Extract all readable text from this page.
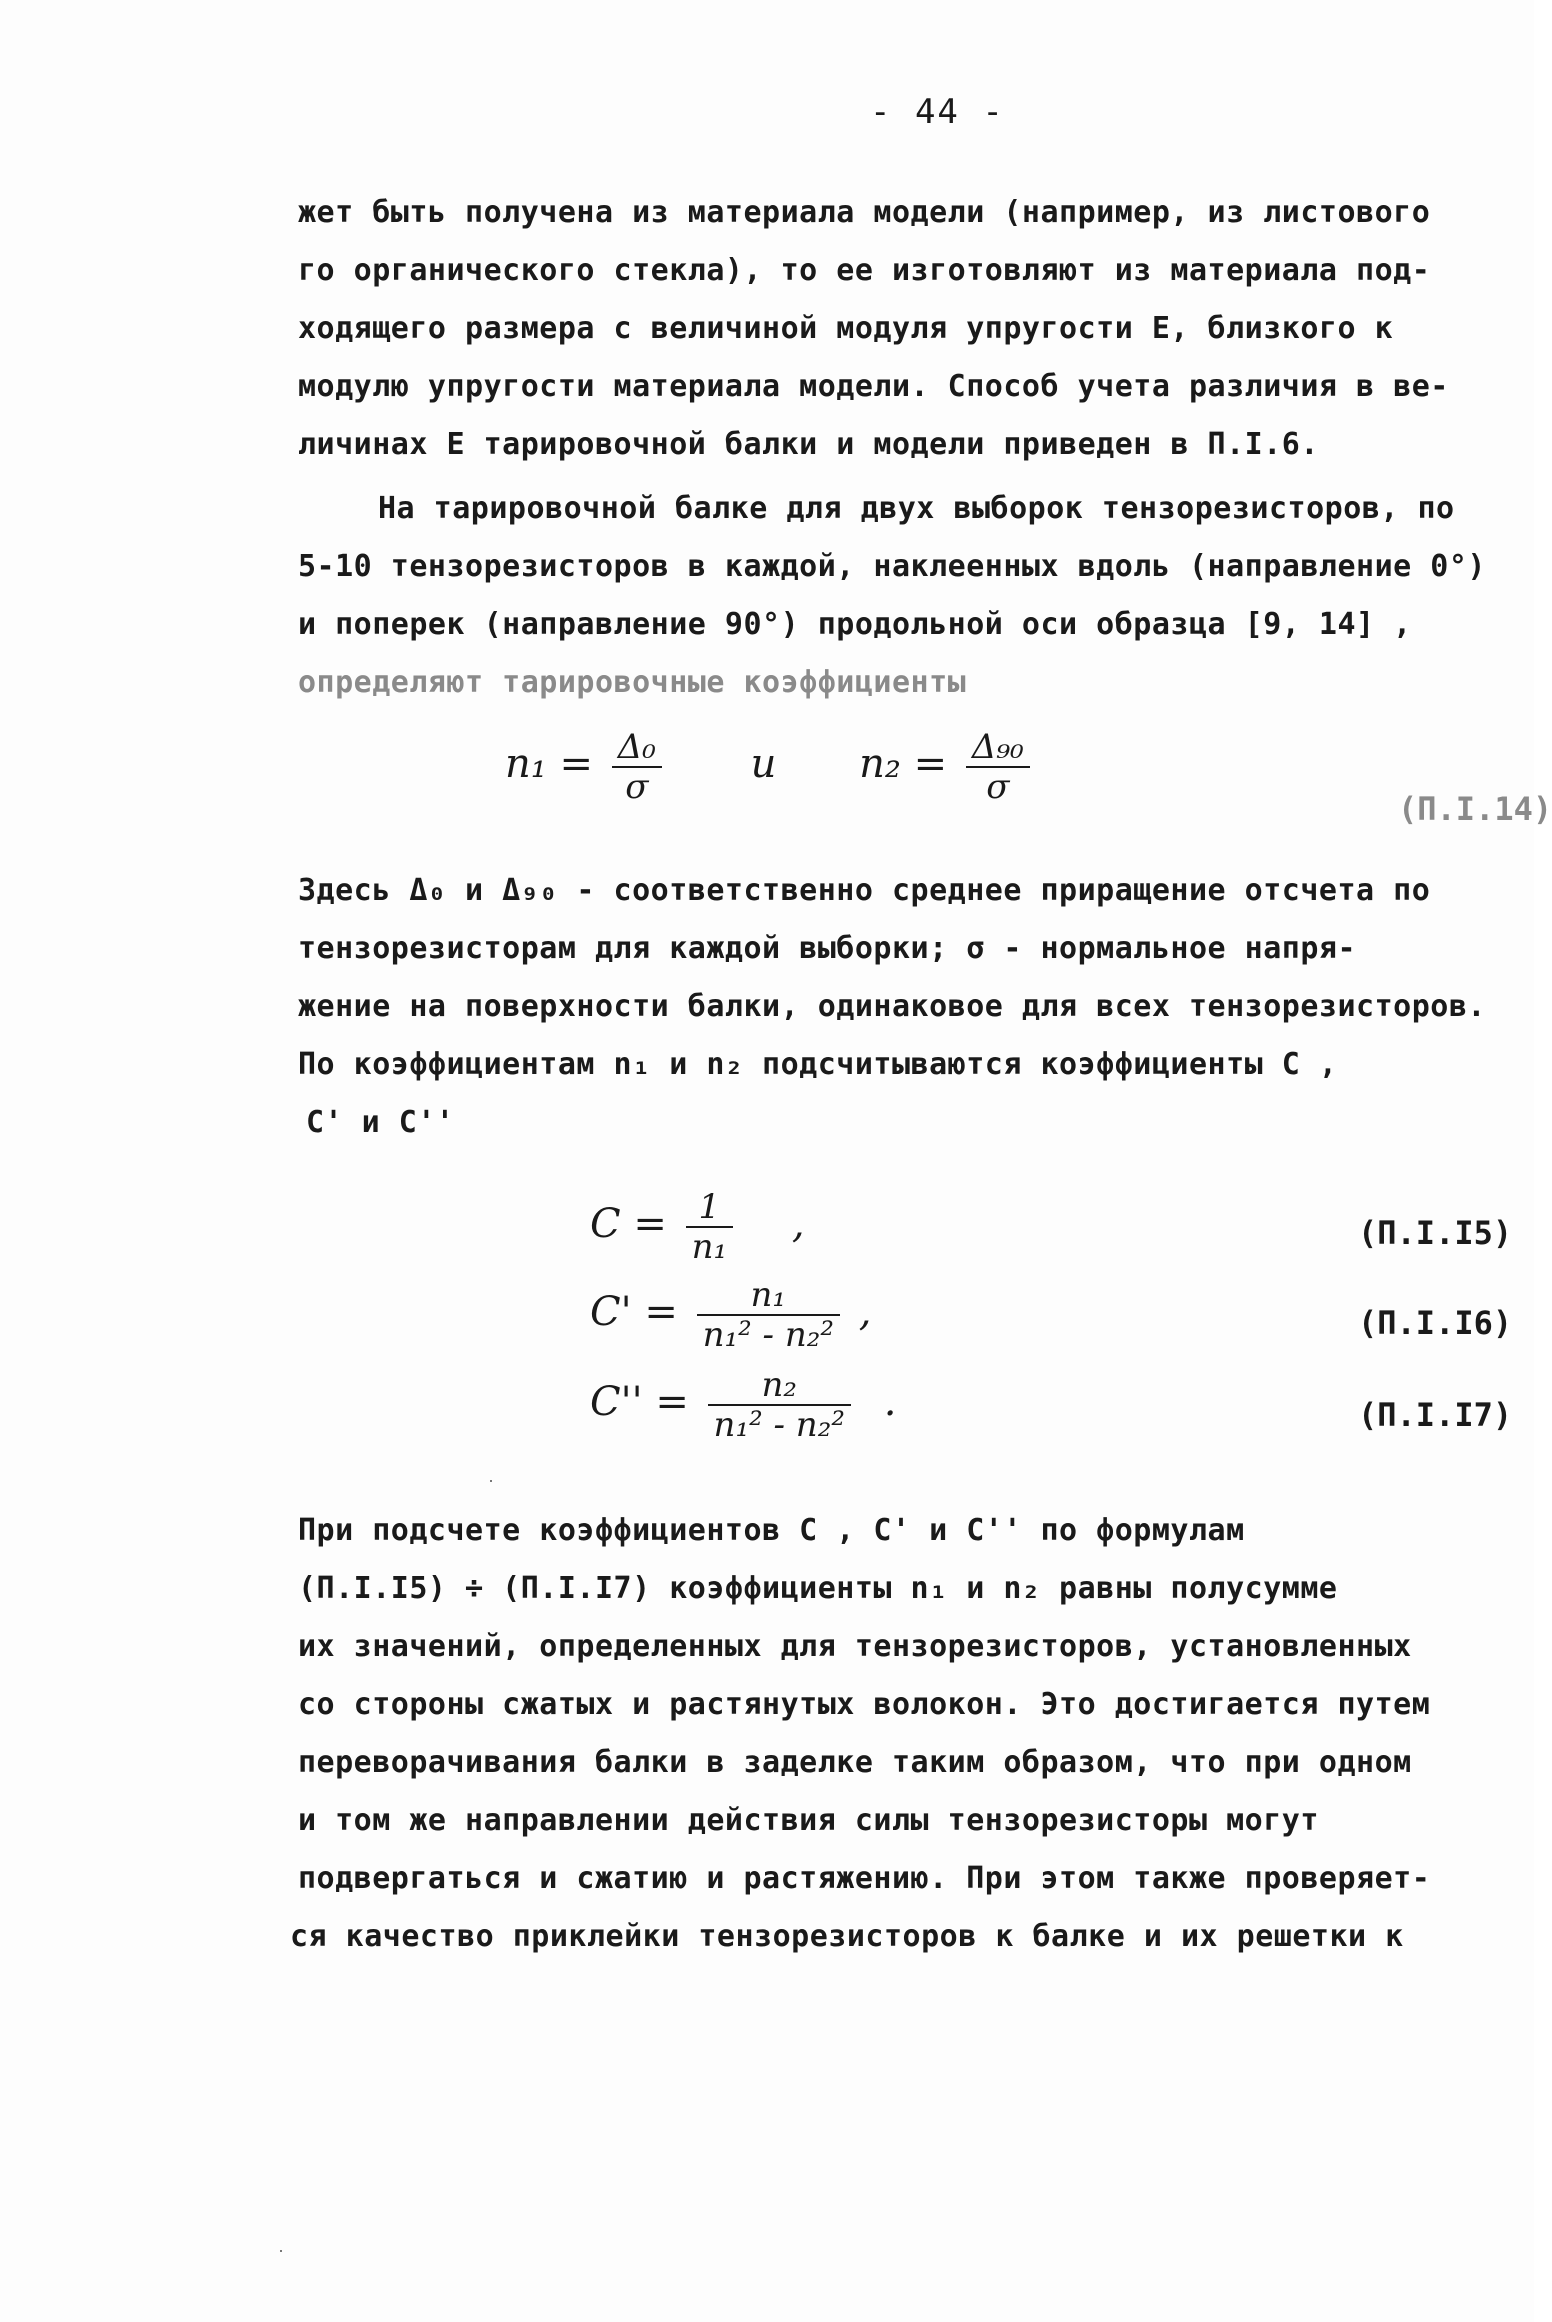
- 44 -
жет быть получена из материала модели (например, из листового
го органического стекла), то ее изготовляют из материала под-
ходящего размера с величиной модуля упругости Е, близкого к
модулю упругости материала модели. Способ учета различия в ве-
личинах Е тарировочной балки и модели приведен в П.I.6.
На тарировочной балке для двух выборок тензорезисторов, по
5-10 тензорезисторов в каждой, наклеенных вдоль (направление 0°)
и поперек (направление 90°) продольной оси образца [9, 14] ,
определяют тарировочные коэффициенты
$n_1 = \frac{\text{Δ₀}}{\sigma}$ и $n_2 = \frac{\text{Δ₉₀}}{\sigma}$
(П.I.14)
Здесь Δ₀ и Δ₉₀ - соответственно среднее приращение отсчета по
тензорезисторам для каждой выборки; σ - нормальное напря-
жение на поверхности балки, одинаковое для всех тензорезисторов.
По коэффициентам n₁ и n₂ подсчитываются коэффициенты С ,
С' и С''
$C = \frac{1}{\text{n₁}}$ ,	(П.I.I5)
$C' = \frac{\text{n₁}}{\text{n₁² - n₂²}}$ ,	(П.I.I6)
$C'' = \frac{\text{n₂}}{\text{n₁² - n₂²}}$ .	(П.I.I7)
При подсчете коэффициентов С , С' и С'' по формулам
(П.I.I5) ÷ (П.I.I7) коэффициенты n₁ и n₂ равны полусумме
их значений, определенных для тензорезисторов, установленных
со стороны сжатых и растянутых волокон. Это достигается путем
переворачивания балки в заделке таким образом, что при одном
и том же направлении действия силы тензорезисторы могут
подвергаться и сжатию и растяжению. При этом также проверяет-
ся качество приклейки тензорезисторов к балке и их решетки к
